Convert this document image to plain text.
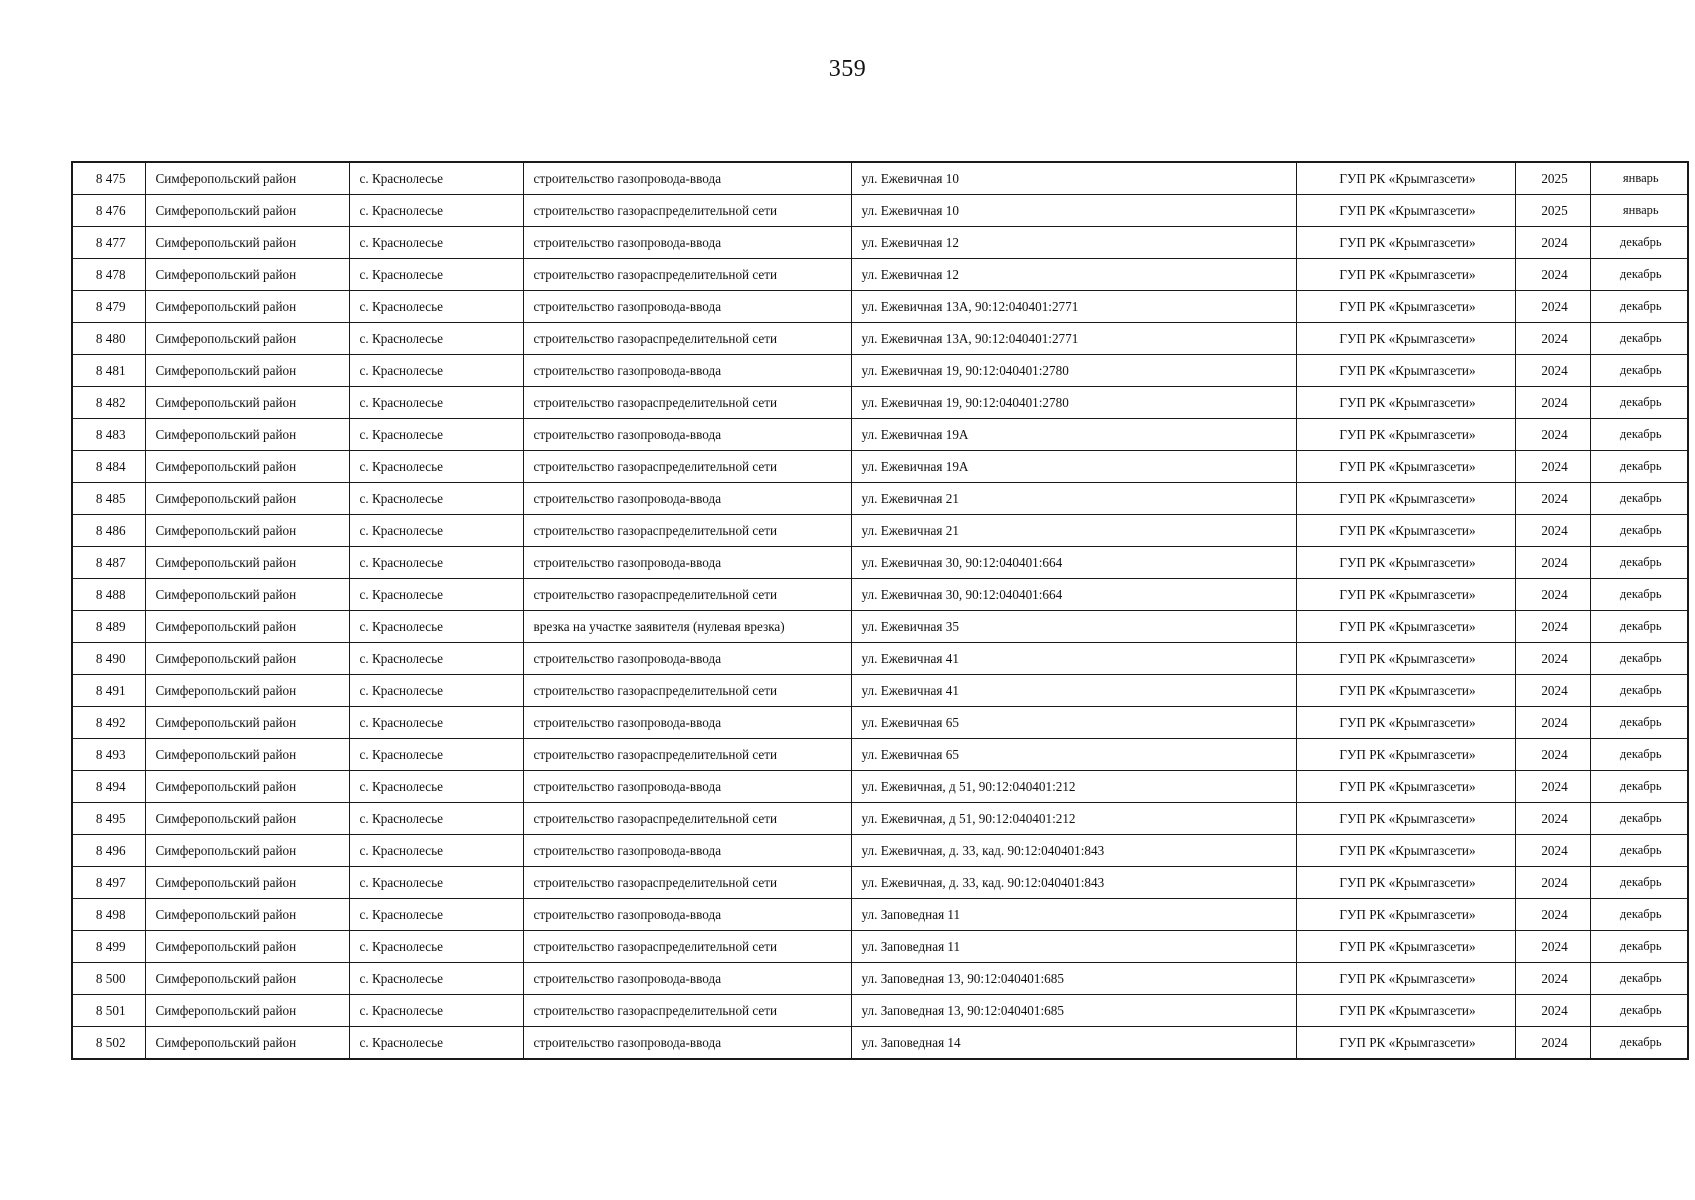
359
8 475	Симферопольский район	с. Краснолесье	строительство газопровода-ввода	ул. Ежевичная 10	ГУП РК «Крымгазсети»	2025	январь
8 476	Симферопольский район	с. Краснолесье	строительство газораспределительной сети	ул. Ежевичная 10	ГУП РК «Крымгазсети»	2025	январь
8 477	Симферопольский район	с. Краснолесье	строительство газопровода-ввода	ул. Ежевичная 12	ГУП РК «Крымгазсети»	2024	декабрь
8 478	Симферопольский район	с. Краснолесье	строительство газораспределительной сети	ул. Ежевичная 12	ГУП РК «Крымгазсети»	2024	декабрь
8 479	Симферопольский район	с. Краснолесье	строительство газопровода-ввода	ул. Ежевичная 13А, 90:12:040401:2771	ГУП РК «Крымгазсети»	2024	декабрь
8 480	Симферопольский район	с. Краснолесье	строительство газораспределительной сети	ул. Ежевичная 13А, 90:12:040401:2771	ГУП РК «Крымгазсети»	2024	декабрь
8 481	Симферопольский район	с. Краснолесье	строительство газопровода-ввода	ул. Ежевичная 19, 90:12:040401:2780	ГУП РК «Крымгазсети»	2024	декабрь
8 482	Симферопольский район	с. Краснолесье	строительство газораспределительной сети	ул. Ежевичная 19, 90:12:040401:2780	ГУП РК «Крымгазсети»	2024	декабрь
8 483	Симферопольский район	с. Краснолесье	строительство газопровода-ввода	ул. Ежевичная 19А	ГУП РК «Крымгазсети»	2024	декабрь
8 484	Симферопольский район	с. Краснолесье	строительство газораспределительной сети	ул. Ежевичная 19А	ГУП РК «Крымгазсети»	2024	декабрь
8 485	Симферопольский район	с. Краснолесье	строительство газопровода-ввода	ул. Ежевичная 21	ГУП РК «Крымгазсети»	2024	декабрь
8 486	Симферопольский район	с. Краснолесье	строительство газораспределительной сети	ул. Ежевичная 21	ГУП РК «Крымгазсети»	2024	декабрь
8 487	Симферопольский район	с. Краснолесье	строительство газопровода-ввода	ул. Ежевичная 30, 90:12:040401:664	ГУП РК «Крымгазсети»	2024	декабрь
8 488	Симферопольский район	с. Краснолесье	строительство газораспределительной сети	ул. Ежевичная 30, 90:12:040401:664	ГУП РК «Крымгазсети»	2024	декабрь
8 489	Симферопольский район	с. Краснолесье	врезка на участке заявителя (нулевая врезка)	ул. Ежевичная 35	ГУП РК «Крымгазсети»	2024	декабрь
8 490	Симферопольский район	с. Краснолесье	строительство газопровода-ввода	ул. Ежевичная 41	ГУП РК «Крымгазсети»	2024	декабрь
8 491	Симферопольский район	с. Краснолесье	строительство газораспределительной сети	ул. Ежевичная 41	ГУП РК «Крымгазсети»	2024	декабрь
8 492	Симферопольский район	с. Краснолесье	строительство газопровода-ввода	ул. Ежевичная 65	ГУП РК «Крымгазсети»	2024	декабрь
8 493	Симферопольский район	с. Краснолесье	строительство газораспределительной сети	ул. Ежевичная 65	ГУП РК «Крымгазсети»	2024	декабрь
8 494	Симферопольский район	с. Краснолесье	строительство газопровода-ввода	ул. Ежевичная, д 51, 90:12:040401:212	ГУП РК «Крымгазсети»	2024	декабрь
8 495	Симферопольский район	с. Краснолесье	строительство газораспределительной сети	ул. Ежевичная, д 51, 90:12:040401:212	ГУП РК «Крымгазсети»	2024	декабрь
8 496	Симферопольский район	с. Краснолесье	строительство газопровода-ввода	ул. Ежевичная, д. 33, кад. 90:12:040401:843	ГУП РК «Крымгазсети»	2024	декабрь
8 497	Симферопольский район	с. Краснолесье	строительство газораспределительной сети	ул. Ежевичная, д. 33, кад. 90:12:040401:843	ГУП РК «Крымгазсети»	2024	декабрь
8 498	Симферопольский район	с. Краснолесье	строительство газопровода-ввода	ул. Заповедная 11	ГУП РК «Крымгазсети»	2024	декабрь
8 499	Симферопольский район	с. Краснолесье	строительство газораспределительной сети	ул. Заповедная 11	ГУП РК «Крымгазсети»	2024	декабрь
8 500	Симферопольский район	с. Краснолесье	строительство газопровода-ввода	ул. Заповедная 13, 90:12:040401:685	ГУП РК «Крымгазсети»	2024	декабрь
8 501	Симферопольский район	с. Краснолесье	строительство газораспределительной сети	ул. Заповедная 13, 90:12:040401:685	ГУП РК «Крымгазсети»	2024	декабрь
8 502	Симферопольский район	с. Краснолесье	строительство газопровода-ввода	ул. Заповедная 14	ГУП РК «Крымгазсети»	2024	декабрь
